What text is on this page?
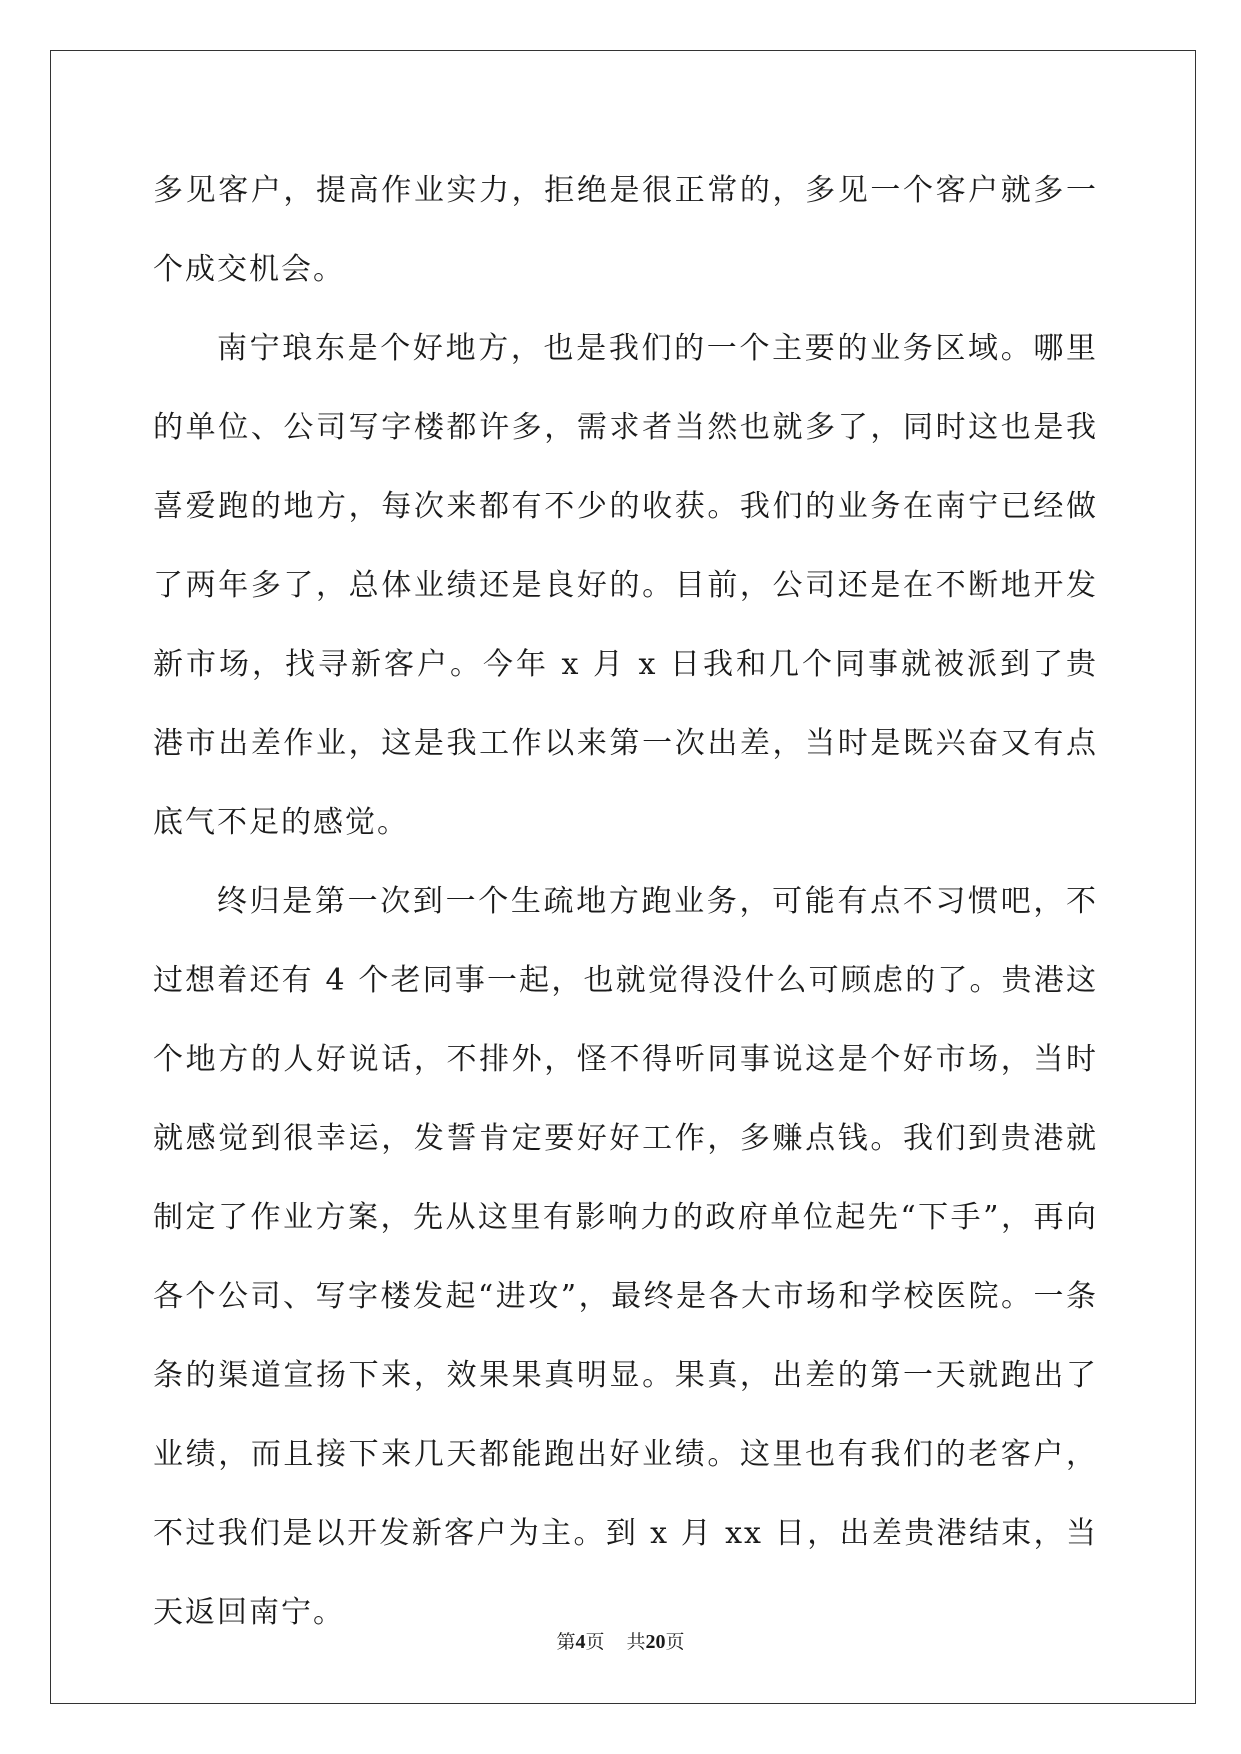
多见客户，提高作业实力，拒绝是很正常的，多见一个客户就多一个成交机会。

南宁琅东是个好地方，也是我们的一个主要的业务区域。哪里的单位、公司写字楼都许多，需求者当然也就多了，同时这也是我喜爱跑的地方，每次来都有不少的收获。我们的业务在南宁已经做了两年多了，总体业绩还是良好的。目前，公司还是在不断地开发新市场，找寻新客户。今年 x 月 x 日我和几个同事就被派到了贵港市出差作业，这是我工作以来第一次出差，当时是既兴奋又有点底气不足的感觉。

终归是第一次到一个生疏地方跑业务，可能有点不习惯吧，不过想着还有 4 个老同事一起，也就觉得没什么可顾虑的了。贵港这个地方的人好说话，不排外，怪不得听同事说这是个好市场，当时就感觉到很幸运，发誓肯定要好好工作，多赚点钱。我们到贵港就制定了作业方案，先从这里有影响力的政府单位起先“下手”，再向各个公司、写字楼发起“进攻”，最终是各大市场和学校医院。一条条的渠道宣扬下来，效果果真明显。果真，出差的第一天就跑出了业绩，而且接下来几天都能跑出好业绩。这里也有我们的老客户，不过我们是以开发新客户为主。到 x 月 xx 日，出差贵港结束，当天返回南宁。

第4页 共20页
